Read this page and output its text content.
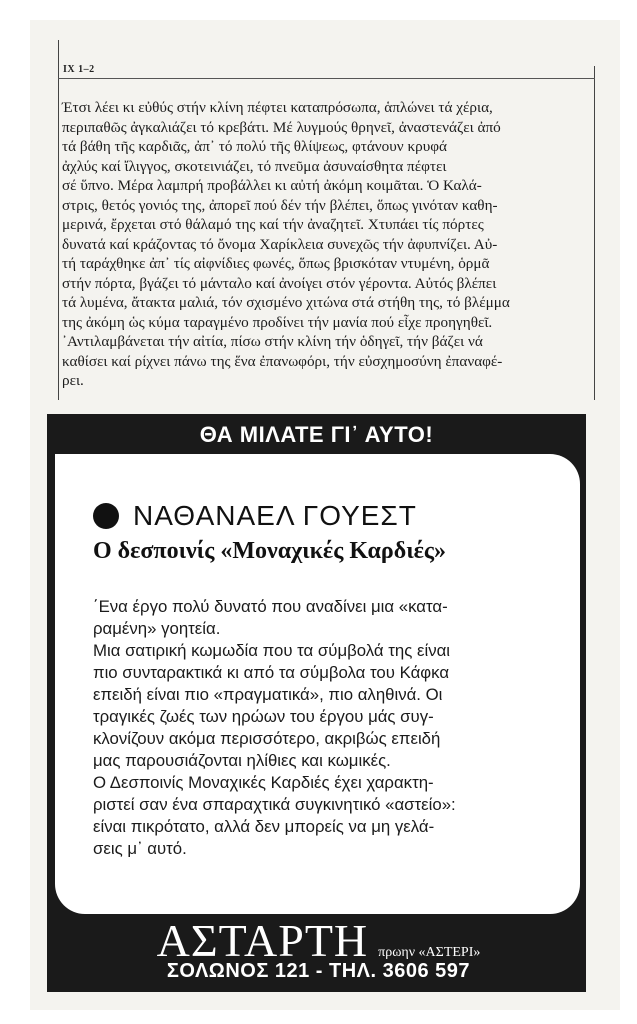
IX 1–2

Έτσι λέει κι εὐθύς στήν κλίνη πέφτει καταπρόσωπα, ἁπλώνει τά χέρια,

περιπαθῶς ἀγκαλιάζει τό κρεβάτι. Μέ λυγμούς θρηνεῖ, ἀναστενάζει ἀπό

τά βάθη τῆς καρδιᾶς, ἀπ᾽ τό πολύ τῆς θλίψεως, φτάνουν κρυφά

ἀχλύς καί ἴλιγγος, σκοτεινιάζει, τό πνεῦμα ἀσυναίσθητα πέφτει

σέ ὕπνο. Μέρα λαμπρή προβάλλει κι αὐτή ἀκόμη κοιμᾶται. Ὁ Καλά-

στρις, θετός γονιός της, ἀπορεῖ πού δέν τήν βλέπει, ὅπως γινόταν καθη-

μερινά, ἔρχεται στό θάλαμό της καί τήν ἀναζητεῖ. Χτυπάει τίς πόρτες

δυνατά καί κράζοντας τό ὄνομα Χαρίκλεια συνεχῶς τήν ἀφυπνίζει. Αὐ-

τή ταράχθηκε ἀπ᾽ τίς αἰφνίδιες φωνές, ὅπως βρισκόταν ντυμένη, ὁρμᾶ

στήν πόρτα, βγάζει τό μάνταλο καί ἀνοίγει στόν γέροντα. Αὐτός βλέπει

τά λυμένα, ἄτακτα μαλιά, τόν σχισμένο χιτώνα στά στήθη της, τό βλέμμα

της ἀκόμη ὡς κύμα ταραγμένο προδίνει τήν μανία πού εἶχε προηγηθεῖ.

᾽Αντιλαμβάνεται τήν αἰτία, πίσω στήν κλίνη τήν ὁδηγεῖ, τήν βάζει νά

καθίσει καί ρίχνει πάνω της ἕνα ἐπανωφόρι, τήν εὐσχημοσύνη ἐπαναφέ-

ρει.

ΘΑ ΜΙΛΑΤΕ ΓΙ᾽ ΑΥΤΟ!
ΝΑΘΑΝΑΕΛ ΓΟΥΕΣΤ
Ο δεσποινίς «Μοναχικές Καρδιές»

΄Ενα έργο πολύ δυνατό που αναδίνει μια «κατα-

ραμένη» γοητεία.

Μια σατιρική κωμωδία που τα σύμβολά της είναι

πιο συνταρακτικά κι από τα σύμβολα του Κάφκα

επειδή είναι πιο «πραγματικά», πιο αληθινά. Οι

τραγικές ζωές των ηρώων του έργου μάς συγ-

κλονίζουν ακόμα περισσότερο, ακριβώς επειδή

μας παρουσιάζονται ηλίθιες και κωμικές.

Ο Δεσποινίς Μοναχικές Καρδιές έχει χαρακτη-

ριστεί σαν ένα σπαραχτικά συγκινητικό «αστείο»:

είναι πικρότατο, αλλά δεν μπορείς να μη γελά-

σεις μ᾽ αυτό.

ΑΣΤΑΡΤΗ πρωην «ΑΣΤΕΡΙ»
ΣΟΛΩΝΟΣ 121 - ΤΗΛ. 3606 597
